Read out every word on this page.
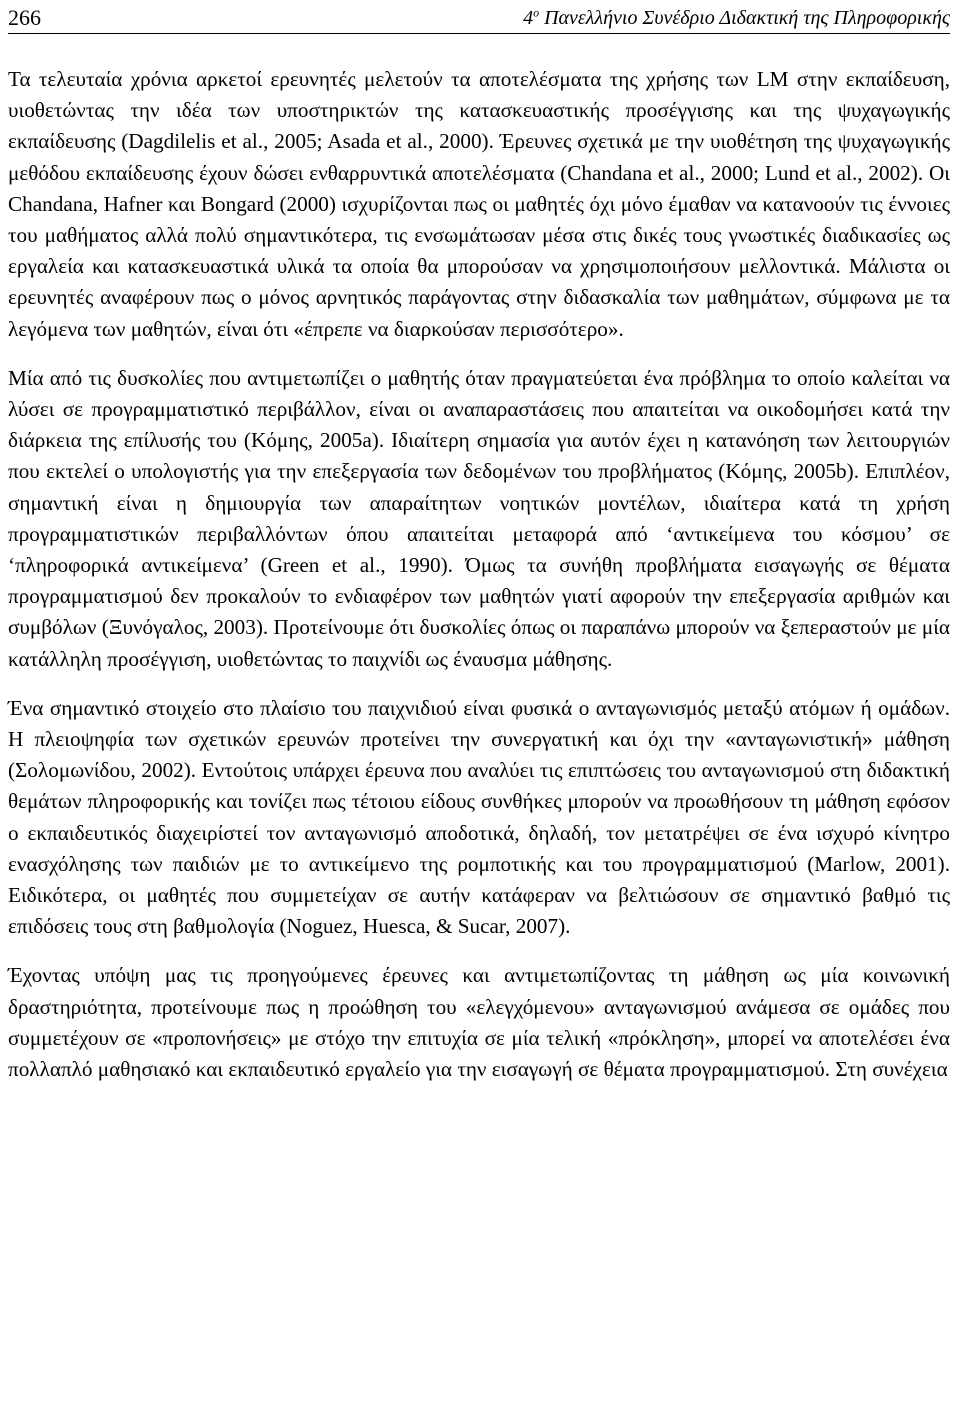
266	$4^o$ Πανελλήνιο Συνέδριο Διδακτική της Πληροφορικής

Τα τελευταία χρόνια αρκετοί ερευνητές μελετούν τα αποτελέσματα της χρήσης των LM στην εκπαίδευση, υιοθετώντας την ιδέα των υποστηρικτών της κατασκευαστικής προσέγγισης και της ψυχαγωγικής εκπαίδευσης (Dagdilelis et al., 2005; Asada et al., 2000). Έρευνες σχετικά με την υιοθέτηση της ψυχαγωγικής μεθόδου εκπαίδευσης έχουν δώσει ενθαρρυντικά αποτελέσματα (Chandana et al., 2000; Lund et al., 2002). Οι Chandana, Hafner και Bongard (2000) ισχυρίζονται πως οι μαθητές όχι μόνο έμαθαν να κατανοούν τις έννοιες του μαθήματος αλλά πολύ σημαντικότερα, τις ενσωμάτωσαν μέσα στις δικές τους γνωστικές διαδικασίες ως εργαλεία και κατασκευαστικά υλικά τα οποία θα μπορούσαν να χρησιμοποιήσουν μελλοντικά. Μάλιστα οι ερευνητές αναφέρουν πως ο μόνος αρνητικός παράγοντας στην διδασκαλία των μαθημάτων, σύμφωνα με τα λεγόμενα των μαθητών, είναι ότι «έπρεπε να διαρκούσαν περισσότερο».

Μία από τις δυσκολίες που αντιμετωπίζει ο μαθητής όταν πραγματεύεται ένα πρόβλημα το οποίο καλείται να λύσει σε προγραμματιστικό περιβάλλον, είναι οι αναπαραστάσεις που απαιτείται να οικοδομήσει κατά την διάρκεια της επίλυσής του (Κόμης, 2005a). Ιδιαίτερη σημασία για αυτόν έχει η κατανόηση των λειτουργιών που εκτελεί ο υπολογιστής για την επεξεργασία των δεδομένων του προβλήματος (Κόμης, 2005b). Επιπλέον, σημαντική είναι η δημιουργία των απαραίτητων νοητικών μοντέλων, ιδιαίτερα κατά τη χρήση προγραμματιστικών περιβαλλόντων όπου απαιτείται μεταφορά από ‘αντικείμενα του κόσμου’ σε ‘πληροφορικά αντικείμενα’ (Green et al., 1990). Όμως τα συνήθη προβλήματα εισαγωγής σε θέματα προγραμματισμού δεν προκαλούν το ενδιαφέρον των μαθητών γιατί αφορούν την επεξεργασία αριθμών και συμβόλων (Ξυνόγαλος, 2003). Προτείνουμε ότι δυσκολίες όπως οι παραπάνω μπορούν να ξεπεραστούν με μία κατάλληλη προσέγγιση, υιοθετώντας το παιχνίδι ως έναυσμα μάθησης.

Ένα σημαντικό στοιχείο στο πλαίσιο του παιχνιδιού είναι φυσικά ο ανταγωνισμός μεταξύ ατόμων ή ομάδων. Η πλειοψηφία των σχετικών ερευνών προτείνει την συνεργατική και όχι την «ανταγωνιστική» μάθηση (Σολομωνίδου, 2002). Εντούτοις υπάρχει έρευνα που αναλύει τις επιπτώσεις του ανταγωνισμού στη διδακτική θεμάτων πληροφορικής και τονίζει πως τέτοιου είδους συνθήκες μπορούν να προωθήσουν τη μάθηση εφόσον ο εκπαιδευτικός διαχειρίστεί τον ανταγωνισμό αποδοτικά, δηλαδή, τον μετατρέψει σε ένα ισχυρό κίνητρο ενασχόλησης των παιδιών με το αντικείμενο της ρομποτικής και του προγραμματισμού (Marlow, 2001). Ειδικότερα, οι μαθητές που συμμετείχαν σε αυτήν κατάφεραν να βελτιώσουν σε σημαντικό βαθμό τις επιδόσεις τους στη βαθμολογία (Noguez, Huesca, & Sucar, 2007).

Έχοντας υπόψη μας τις προηγούμενες έρευνες και αντιμετωπίζοντας τη μάθηση ως μία κοινωνική δραστηριότητα, προτείνουμε πως η προώθηση του «ελεγχόμενου» ανταγωνισμού ανάμεσα σε ομάδες που συμμετέχουν σε «προπονήσεις» με στόχο την επιτυχία σε μία τελική «πρόκληση», μπορεί να αποτελέσει ένα πολλαπλό μαθησιακό και εκπαιδευτικό εργαλείο για την εισαγωγή σε θέματα προγραμματισμού. Στη συνέχεια
